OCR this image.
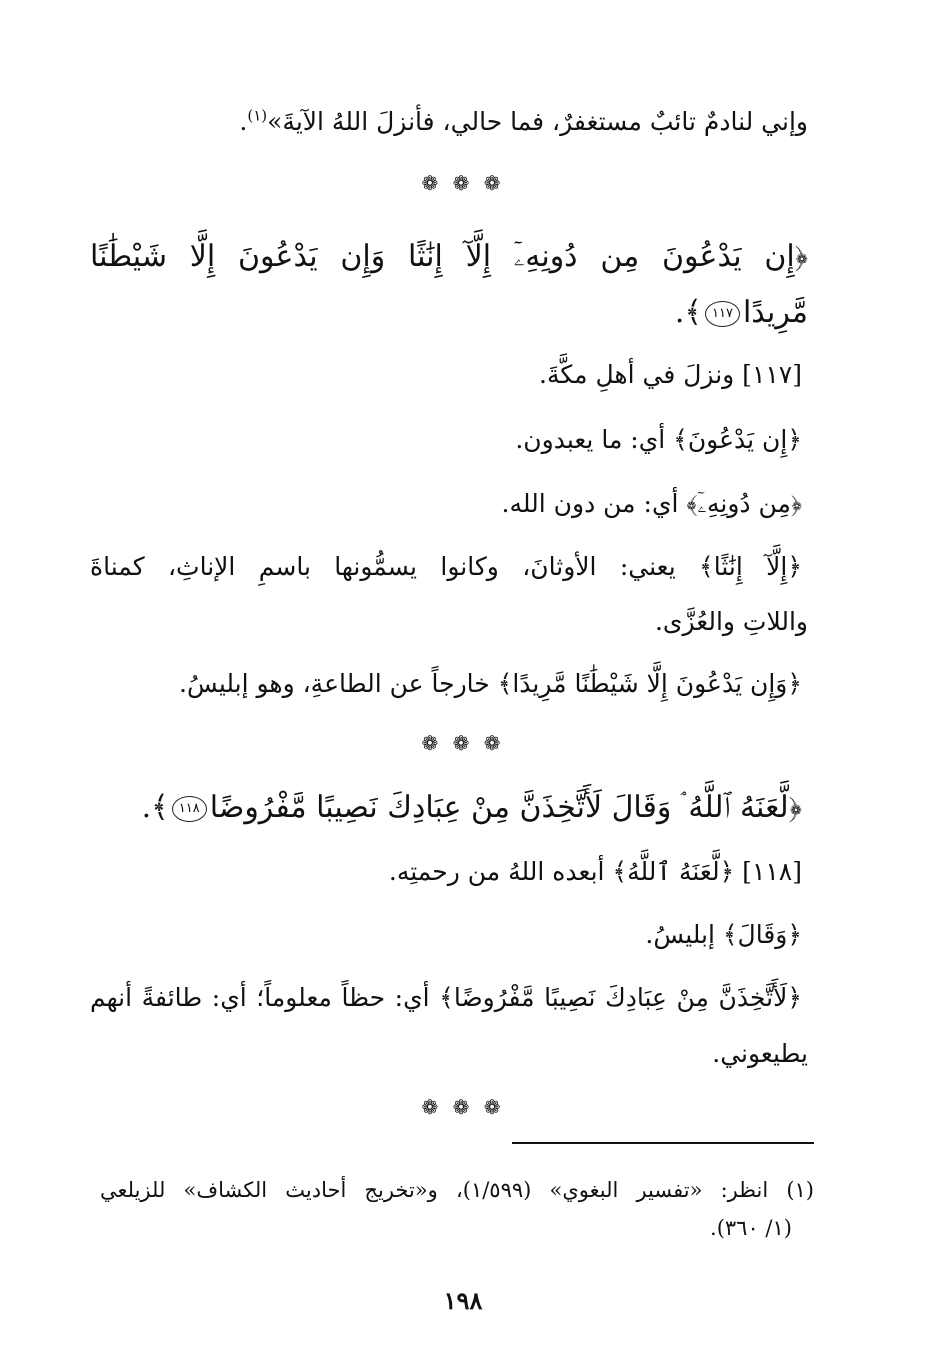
وإني لنادمٌ تائبٌ مستغفرٌ، فما حالي، فأنزلَ اللهُ الآيةَ»$^{(١)}$.
❁ ❁ ❁
﴿إِن يَدْعُونَ مِن دُونِهِۦٓ إِلَّآ إِنَٰثًا وَإِن يَدْعُونَ إِلَّا شَيْطَٰنًا
مَّرِيدًا١١٧﴾.
[١١٧] ونزلَ في أهلِ مكَّةَ.
﴿إِن يَدْعُونَ﴾ أي: ما يعبدون.
﴿مِن دُونِهِۦٓ﴾ أي: من دون الله.
﴿إِلَّآ إِنَٰثًا﴾ يعني: الأوثانَ، وكانوا يسمُّونها باسمِ الإناثِ، كمناةَ
واللاتِ والعُزَّى.
﴿وَإِن يَدْعُونَ إِلَّا شَيْطَٰنًا مَّرِيدًا﴾ خارجاً عن الطاعةِ، وهو إبليسُ.
❁ ❁ ❁
﴿لَّعَنَهُ ٱللَّهُ ۘ وَقَالَ لَأَتَّخِذَنَّ مِنْ عِبَادِكَ نَصِيبًا مَّفْرُوضًا١١٨﴾.
[١١٨] ﴿لَّعَنَهُ ٱللَّهُ﴾ أبعده اللهُ من رحمتِه.
﴿وَقَالَ﴾ إبليسُ.
﴿لَأَتَّخِذَنَّ مِنْ عِبَادِكَ نَصِيبًا مَّفْرُوضًا﴾ أي: حظاً معلوماً؛ أي: طائفةً أنهم
يطيعوني.
❁ ❁ ❁
(١) انظر: «تفسير البغوي» (١/٥٩٩)، و«تخريج أحاديث الكشاف» للزيلعي
(١/ ٣٦٠).
١٩٨
